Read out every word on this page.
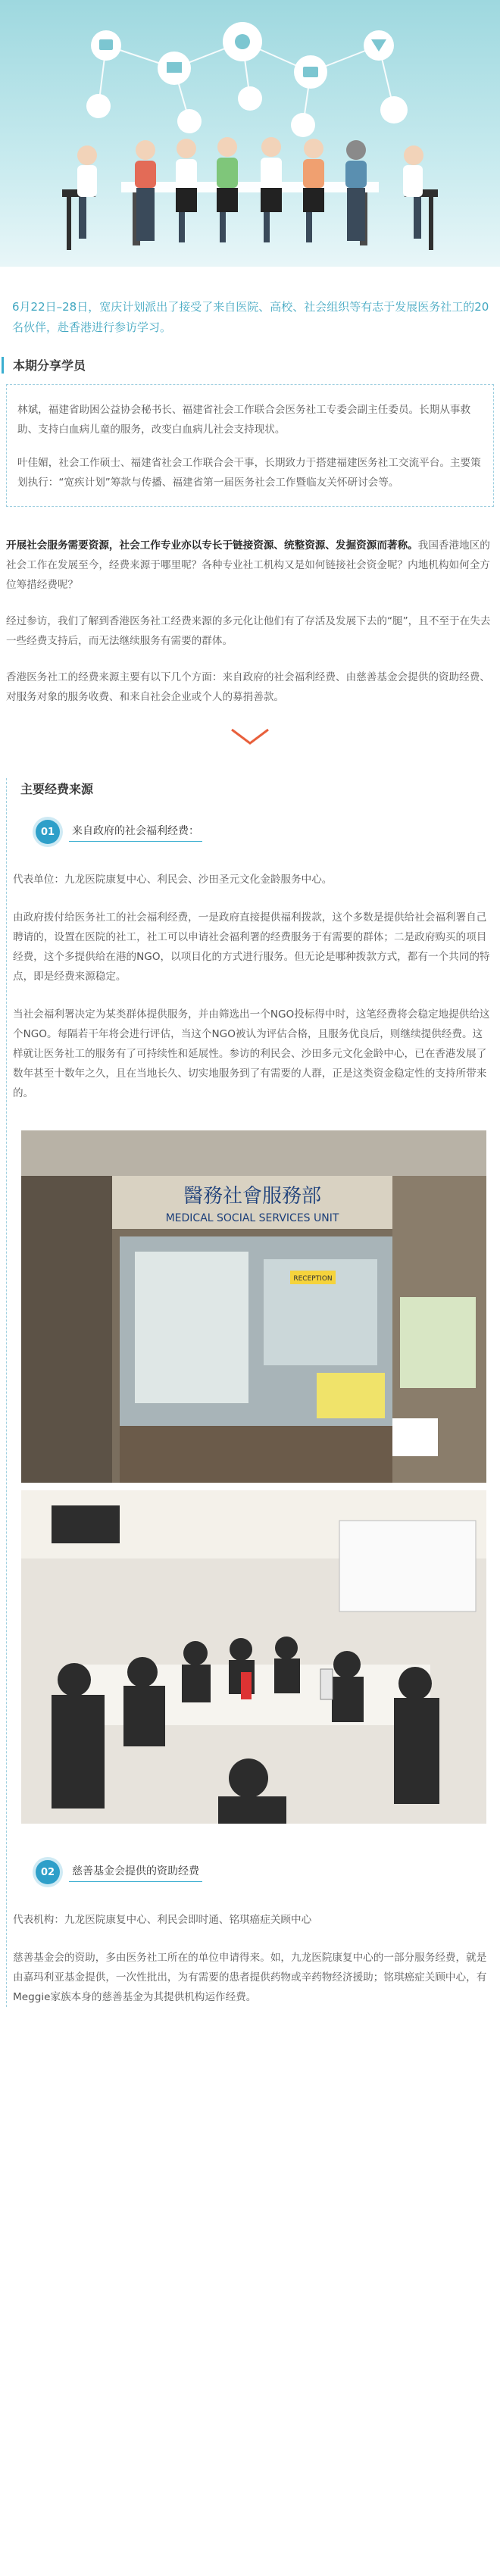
6月22日–28日，宽庆计划派出了接受了来自医院、高校、社会组织等有志于发展医务社工的20名伙伴，赴香港进行参访学习。

本期分享学员

林斌，福建省助困公益协会秘书长、福建省社会工作联合会医务社工专委会副主任委员。长期从事救助、支持白血病儿童的服务，改变白血病儿社会支持现状。

叶佳媚，社会工作硕士、福建省社会工作联合会干事，长期致力于搭建福建医务社工交流平台。主要策划执行：“宽疾计划”筹款与传播、福建省第一届医务社会工作暨临友关怀研讨会等。

开展社会服务需要资源，社会工作专业亦以专长于链接资源、统整资源、发掘资源而著称。我国香港地区的社会工作在发展至今，经费来源于哪里呢？各种专业社工机构又是如何链接社会资金呢？内地机构如何全方位筹措经费呢？

经过参访，我们了解到香港医务社工经费来源的多元化让他们有了存活及发展下去的“腿”，且不至于在失去一些经费支持后，而无法继续服务有需要的群体。

香港医务社工的经费来源主要有以下几个方面：来自政府的社会福利经费、由慈善基金会提供的资助经费、对服务对象的服务收费、和来自社会企业或个人的募捐善款。

主要经费来源
01	来自政府的社会福利经费：

代表单位：九龙医院康复中心、利民会、沙田圣元文化金龄服务中心。

由政府拨付给医务社工的社会福利经费，一是政府直接提供福利拨款，这个多数是提供给社会福利署自己聘请的，设置在医院的社工，社工可以申请社会福利署的经费服务于有需要的群体；二是政府购买的项目经费，这个多提供给在港的NGO，以项目化的方式进行服务。但无论是哪种拨款方式，都有一个共同的特点，即是经费来源稳定。

当社会福利署决定为某类群体提供服务，并由筛选出一个NGO投标得中时，这笔经费将会稳定地提供给这个NGO。每隔若干年将会进行评估，当这个NGO被认为评估合格，且服务优良后，则继续提供经费。这样就让医务社工的服务有了可持续性和延展性。参访的利民会、沙田多元文化金龄中心，已在香港发展了数年甚至十数年之久，且在当地长久、切实地服务到了有需要的人群，正是这类资金稳定性的支持所带来的。

醫務社會服務部
MEDICAL SOCIAL SERVICES UNIT
RECEPTION
02	慈善基金会提供的资助经费

代表机构：九龙医院康复中心、利民会即时通、铭琪癌症关顾中心

慈善基金会的资助，多由医务社工所在的单位申请得来。如，九龙医院康复中心的一部分服务经费，就是由嘉玛利亚基金提供，一次性批出，为有需要的患者提供药物或辛药物经济援助；铭琪癌症关顾中心，有Meggie家族本身的慈善基金为其提供机构运作经费。
